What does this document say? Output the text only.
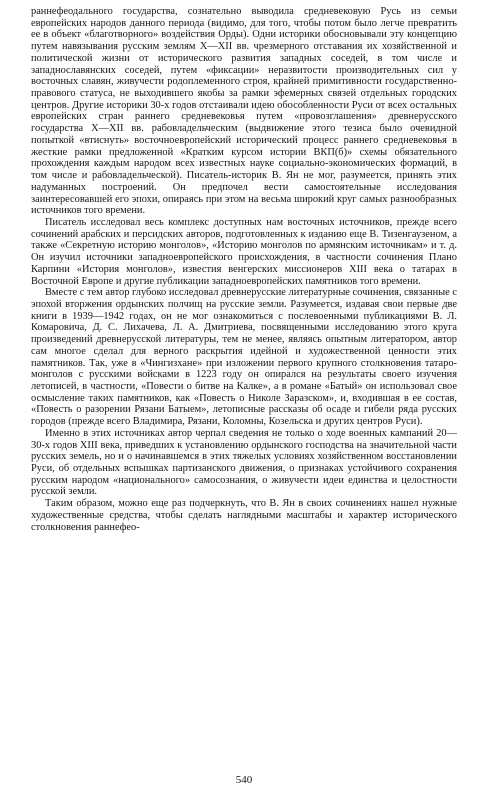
раннефеодального государства, сознательно выводила средневековую Русь из семьи европейских народов данного периода (видимо, для того, чтобы потом было легче превратить ее в объект «благотворного» воздействия Орды). Одни историки обосновывали эту концепцию путем навязывания русским землям X—XII вв. чрезмерного отставания их хозяйственной и политической жизни от исторического развития западных соседей, в том числе и западнославянских соседей, путем «фиксации» неразвитости производительных сил у восточных славян, живучести родоплеменного строя, крайней примитивности государственно-правового статуса, не выходившего якобы за рамки эфемерных связей отдельных городских центров. Другие историки 30-х годов отстаивали идею обособленности Руси от всех остальных европейских стран раннего средневековья путем «провозглашения» древнерусского государства X—XII вв. рабовладельческим (выдвижение этого тезиса было очевидной попыткой «втиснуть» восточноевропейский исторический процесс раннего средневековья в жесткие рамки предложенной «Кратким курсом истории ВКП(б)» схемы обязательного прохождения каждым народом всех известных науке социально-экономических формаций, в том числе и рабовладельческой). Писатель-историк В. Ян не мог, разумеется, принять этих надуманных построений. Он предпочел вести самостоятельные исследования заинтересовавшей его эпохи, опираясь при этом на весьма широкий круг самых разнообразных источников того времени.

Писатель исследовал весь комплекс доступных нам восточных источников, прежде всего сочинений арабских и персидских авторов, подготовленных к изданию еще В. Тизенгаузеном, а также «Секретную историю монголов», «Историю монголов по армянским источникам» и т. д. Он изучил источники западноевропейского происхождения, в частности сочинения Плано Карпини «История монголов», известия венгерских миссионеров XIII века о татарах в Восточной Европе и другие публикации западноевропейских памятников того времени.

Вместе с тем автор глубоко исследовал древнерусские литературные сочинения, связанные с эпохой вторжения ордынских полчищ на русские земли. Разумеется, издавая свои первые две книги в 1939—1942 годах, он не мог ознакомиться с послевоенными публикациями В. Л. Комаровича, Д. С. Лихачева, Л. А. Дмитриева, посвященными исследованию этого круга произведений древнерусской литературы, тем не менее, являясь опытным литератором, автор сам многое сделал для верного раскрытия идейной и художественной ценности этих памятников. Так, уже в «Чингизхане» при изложении первого крупного столкновения татаро-монголов с русскими войсками в 1223 году он опирался на результаты своего изучения летописей, в частности, «Повести о битве на Калке», а в романе «Батый» он использовал свое осмысление таких памятников, как «Повесть о Николе Заразском», и, входившая в ее состав, «Повесть о разорении Рязани Батыем», летописные рассказы об осаде и гибели ряда русских городов (прежде всего Владимира, Рязани, Коломны, Козельска и других центров Руси).

Именно в этих источниках автор черпал сведения не только о ходе военных кампаний 20—30-х годов XIII века, приведших к установлению ордынского господства на значительной части русских земель, но и о начинавшемся в этих тяжелых условиях хозяйственном восстановлении Руси, об отдельных вспышках партизанского движения, о признаках устойчивого сохранения русским народом «национального» самосознания, о живучести идеи единства и целостности русской земли.

Таким образом, можно еще раз подчеркнуть, что В. Ян в своих сочинениях нашел нужные художественные средства, чтобы сделать наглядными масштабы и характер исторического столкновения раннефео-

540
